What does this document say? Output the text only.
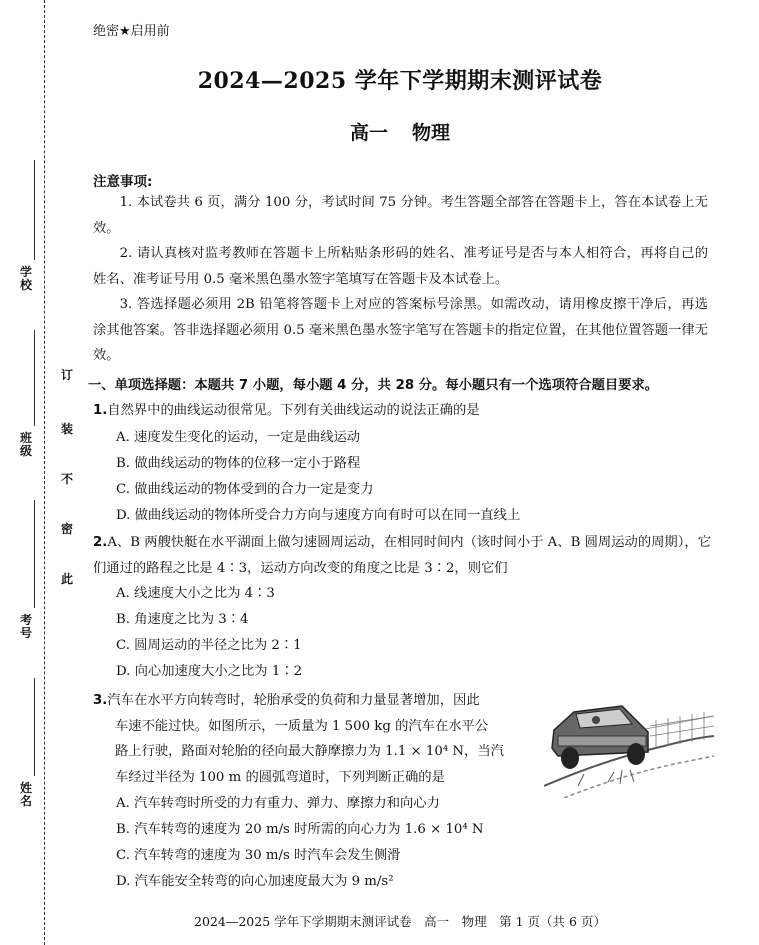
学校
班级
考号
姓名
订
装
不
密
此
绝密★启用前
2024—2025 学年下学期期末测评试卷
高一 物理
注意事项:
1. 本试卷共 6 页，满分 100 分，考试时间 75 分钟。考生答题全部答在答题卡上，答在本试卷上无效。
2. 请认真核对监考教师在答题卡上所粘贴条形码的姓名、准考证号是否与本人相符合，再将自己的姓名、准考证号用 0.5 毫米黑色墨水签字笔填写在答题卡及本试卷上。
3. 答选择题必须用 2B 铅笔将答题卡上对应的答案标号涂黑。如需改动，请用橡皮擦干净后，再选涂其他答案。答非选择题必须用 0.5 毫米黑色墨水签字笔写在答题卡的指定位置，在其他位置答题一律无效。
一、单项选择题：本题共 7 小题，每小题 4 分，共 28 分。每小题只有一个选项符合题目要求。
1.自然界中的曲线运动很常见。下列有关曲线运动的说法正确的是
A. 速度发生变化的运动，一定是曲线运动
B. 做曲线运动的物体的位移一定小于路程
C. 做曲线运动的物体受到的合力一定是变力
D. 做曲线运动的物体所受合力方向与速度方向有时可以在同一直线上
2.A、B 两艘快艇在水平湖面上做匀速圆周运动，在相同时间内（该时间小于 A、B 圆周运动的周期），它们通过的路程之比是 4∶3，运动方向改变的角度之比是 3∶2，则它们
A. 线速度大小之比为 4∶3
B. 角速度之比为 3∶4
C. 圆周运动的半径之比为 2∶1
D. 向心加速度大小之比为 1∶2
3.汽车在水平方向转弯时，轮胎承受的负荷和力量显著增加，因此
车速不能过快。如图所示，一质量为 1 500 kg 的汽车在水平公
路上行驶，路面对轮胎的径向最大静摩擦力为 1.1 × 10⁴ N，当汽
车经过半径为 100 m 的圆弧弯道时，下列判断正确的是
A. 汽车转弯时所受的力有重力、弹力、摩擦力和向心力
B. 汽车转弯的速度为 20 m/s 时所需的向心力为 1.6 × 10⁴ N
C. 汽车转弯的速度为 30 m/s 时汽车会发生侧滑
D. 汽车能安全转弯的向心加速度最大为 9 m/s²
2024—2025 学年下学期期末测评试卷　高一　物理　第 1 页（共 6 页）
